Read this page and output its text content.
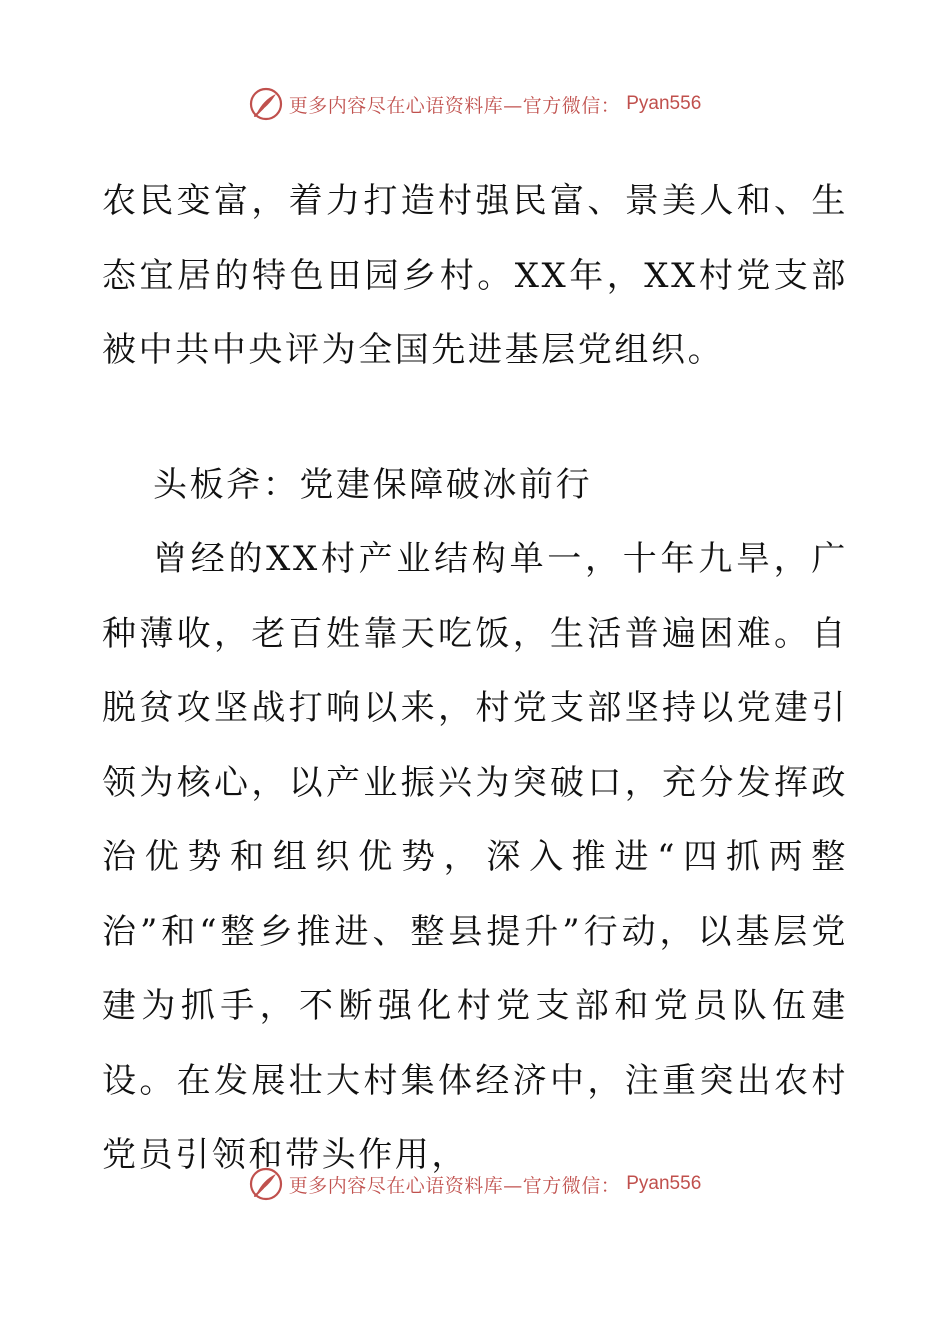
更多内容尽在心语资料库—官方微信： Pyan556

农民变富，着力打造村强民富、景美人和、生态宜居的特色田园乡村。XX年，XX村党支部被中共中央评为全国先进基层党组织。

头板斧：党建保障破冰前行

曾经的XX村产业结构单一，十年九旱，广种薄收，老百姓靠天吃饭，生活普遍困难。自脱贫攻坚战打响以来，村党支部坚持以党建引领为核心，以产业振兴为突破口，充分发挥政治优势和组织优势，深入推进“四抓两整治”和“整乡推进、整县提升”行动，以基层党建为抓手，不断强化村党支部和党员队伍建设。在发展壮大村集体经济中，注重突出农村党员引领和带头作用，

更多内容尽在心语资料库—官方微信： Pyan556
